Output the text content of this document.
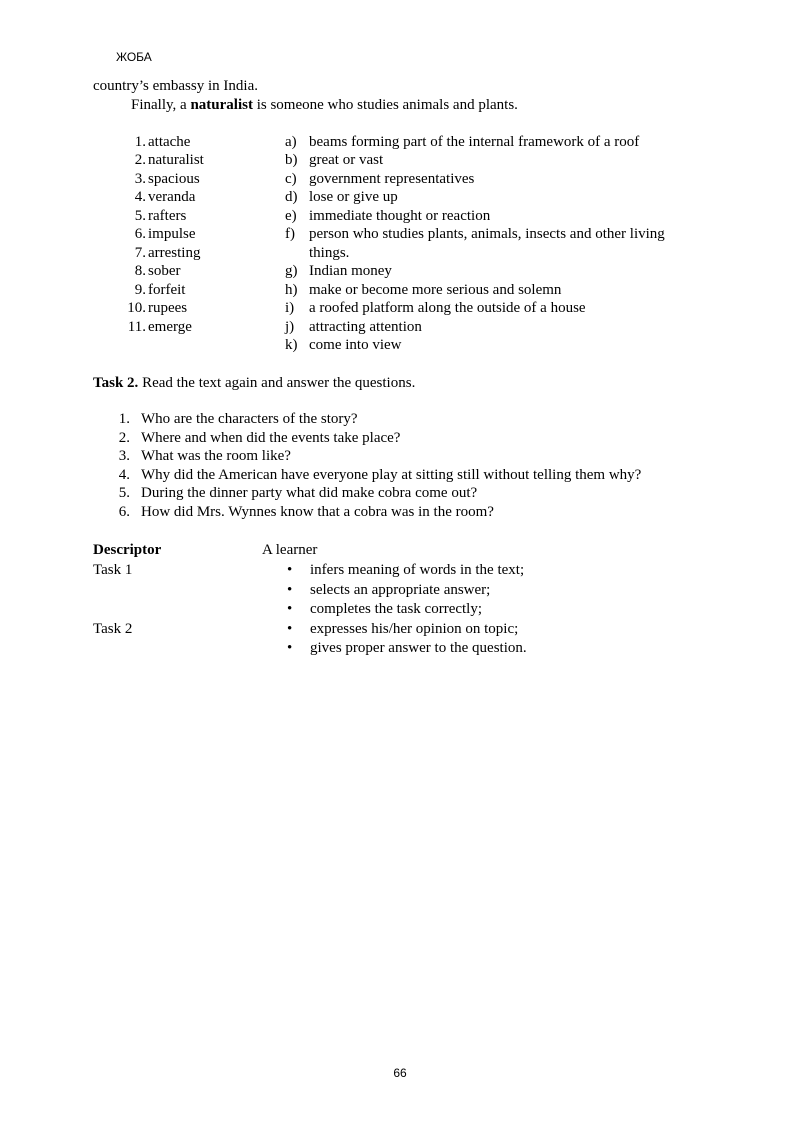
ЖОБА
country’s embassy in India.
Finally, a naturalist is someone who studies animals and plants.
1. attache
2. naturalist
3. spacious
4. veranda
5. rafters
6. impulse
7. arresting
8. sober
9. forfeit
10. rupees
11. emerge
a) beams forming part of the internal framework of a roof
b) great or vast
c) government representatives
d) lose or give up
e) immediate thought or reaction
f) person who studies plants, animals, insects and other living
things.
g) Indian money
h) make or become more serious and solemn
i) a roofed platform along the outside of a house
j) attracting attention
k) come into view
Task 2. Read the text again and answer the questions.
1. Who are the characters of the story?
2. Where and when did the events take place?
3. What was the room like?
4. Why did the American have everyone play at sitting still without telling them why?
5. During the dinner party what did make cobra come out?
6. How did Mrs. Wynnes know that a cobra was in the room?
Descriptor	A learner
Task 1
Task 2
• infers meaning of words in the text;
• selects an appropriate answer;
• completes the task correctly;
• expresses his/her opinion on topic;
• gives proper answer to the question.
66
